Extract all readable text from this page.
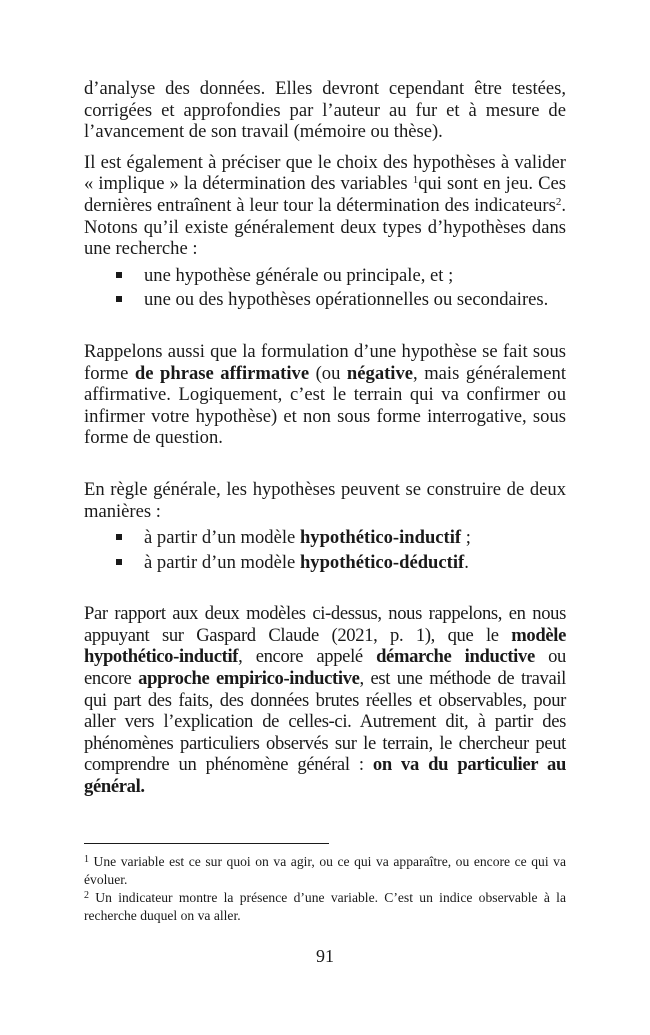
d’analyse des données. Elles devront cependant être testées, corrigées et approfondies par l’auteur au fur et à mesure de l’avancement de son travail (mémoire ou thèse).

Il est également à préciser que le choix des hypothèses à valider « implique » la détermination des variables $^1$qui sont en jeu. Ces dernières entraînent à leur tour la détermination des indicateurs$^2$. Notons qu’il existe généralement deux types d’hypothèses dans une recherche :

une hypothèse générale ou principale, et ;
une ou des hypothèses opérationnelles ou secondaires.

Rappelons aussi que la formulation d’une hypothèse se fait sous forme de phrase affirmative (ou négative, mais généralement affirmative. Logiquement, c’est le terrain qui va confirmer ou infirmer votre hypothèse) et non sous forme interrogative, sous forme de question.

En règle générale, les hypothèses peuvent se construire de deux manières :

à partir d’un modèle hypothético-inductif ;
à partir d’un modèle hypothético-déductif.

Par rapport aux deux modèles ci-dessus, nous rappelons, en nous appuyant sur Gaspard Claude (2021, p. 1), que le modèle hypothético-inductif, encore appelé démarche inductive ou encore approche empirico-inductive, est une méthode de travail qui part des faits, des données brutes réelles et observables, pour aller vers l’explication de celles-ci. Autrement dit, à partir des phénomènes particuliers observés sur le terrain, le chercheur peut comprendre un phénomène général : on va du particulier au général.

$^1$ Une variable est ce sur quoi on va agir, ou ce qui va apparaître, ou encore ce qui va évoluer.

$^2$ Un indicateur montre la présence d’une variable. C’est un indice observable à la recherche duquel on va aller.

91
